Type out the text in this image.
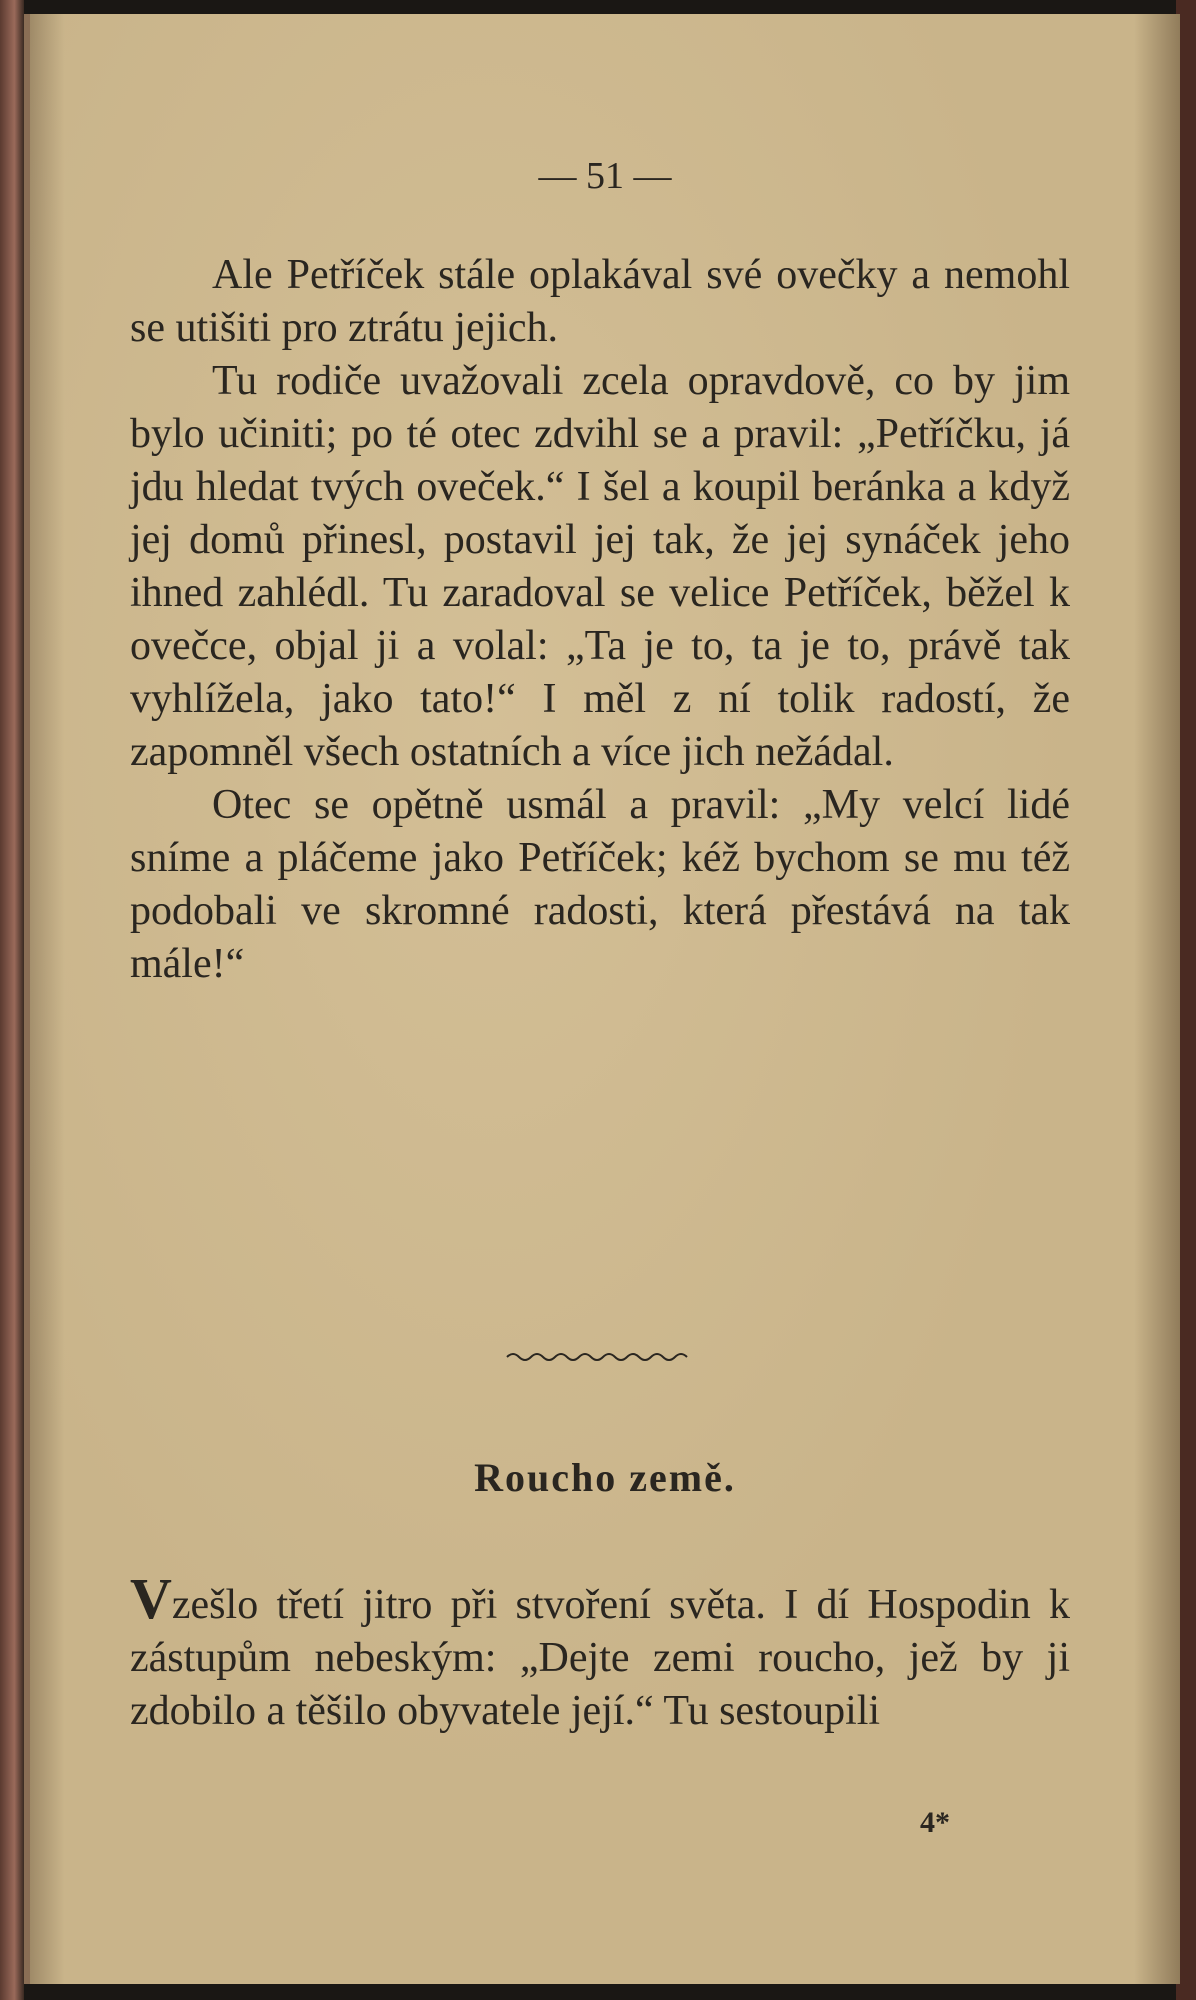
— 51 —

Ale Petříček stále oplakával své ovečky a nemohl se utišiti pro ztrátu jejich.

Tu rodiče uvažovali zcela opravdově, co by jim bylo učiniti; po té otec zdvihl se a pravil: „Petříčku, já jdu hledat tvých oveček.“ I šel a koupil beránka a když jej domů přinesl, postavil jej tak, že jej synáček jeho ihned zahlédl. Tu zaradoval se velice Petříček, běžel k ovečce, objal ji a volal: „Ta je to, ta je to, právě tak vyhlížela, jako tato!“ I měl z ní tolik radostí, že zapomněl všech ostatních a více jich nežádal.

Otec se opětně usmál a pravil: „My velcí lidé sníme a pláčeme jako Petříček; kéž bychom se mu též podobali ve skromné radosti, která přestává na tak mále!“

Roucho země.

Vzešlo třetí jitro při stvoření světa. I dí Hospodin k zástupům nebeským: „Dejte zemi roucho, jež by ji zdobilo a těšilo obyvatele její.“ Tu sestoupili

4*
